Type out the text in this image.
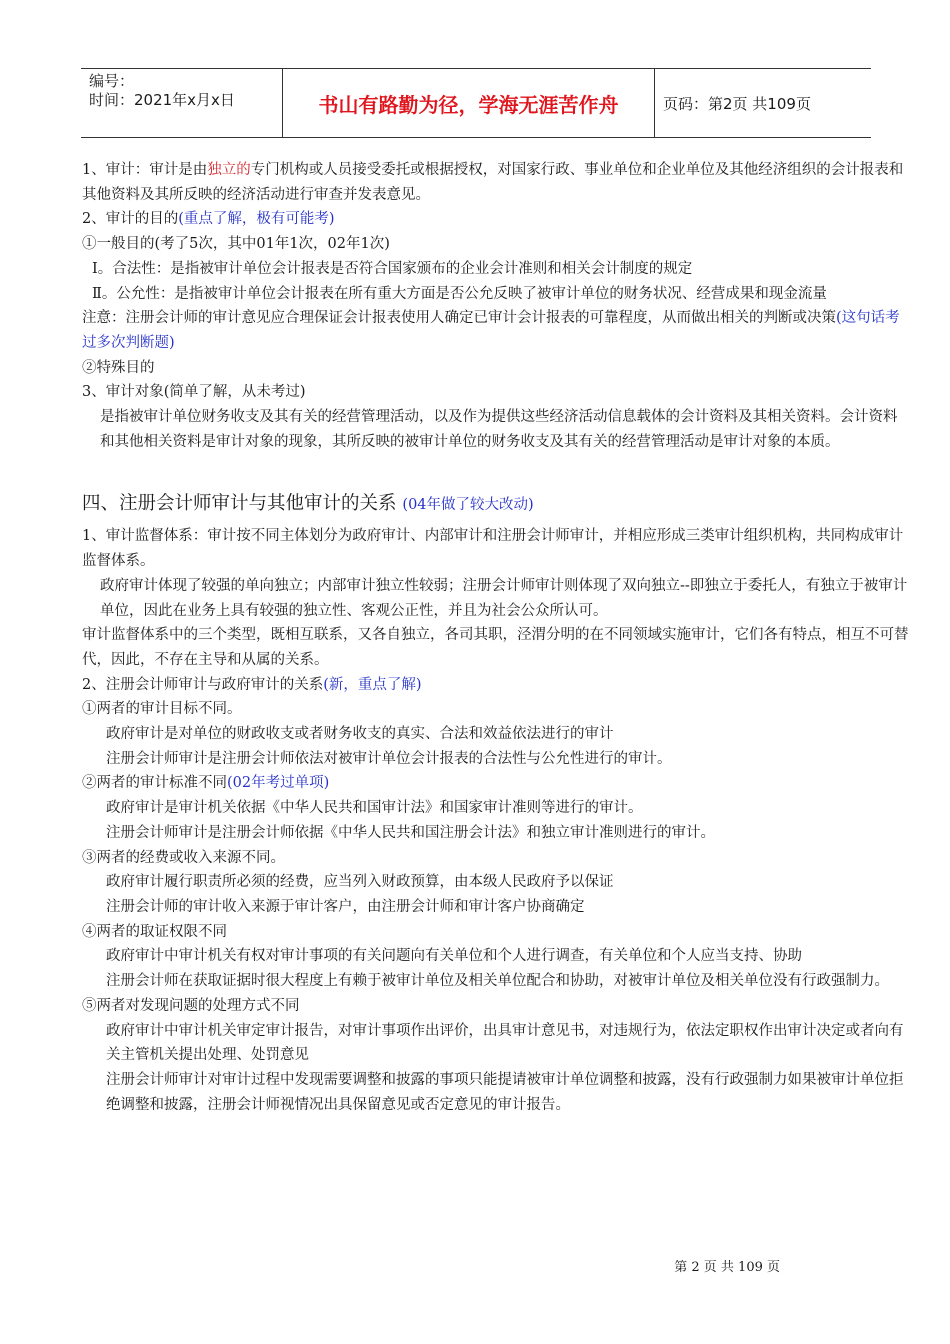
编号：
时间：2021年x月x日	书山有路勤为径，学海无涯苦作舟	页码：第2页 共109页

1、审计：审计是由独立的专门机构或人员接受委托或根据授权，对国家行政、事业单位和企业单位及其他经济组织的会计报表和其他资料及其所反映的经济活动进行审查并发表意见。

2、审计的目的(重点了解，极有可能考)

①一般目的(考了5次，其中01年1次，02年1次)

Ⅰ。合法性：是指被审计单位会计报表是否符合国家颁布的企业会计准则和相关会计制度的规定

Ⅱ。公允性：是指被审计单位会计报表在所有重大方面是否公允反映了被审计单位的财务状况、经营成果和现金流量

注意：注册会计师的审计意见应合理保证会计报表使用人确定已审计会计报表的可靠程度，从而做出相关的判断或决策(这句话考过多次判断题)

②特殊目的

3、审计对象(简单了解，从未考过)

是指被审计单位财务收支及其有关的经营管理活动，以及作为提供这些经济活动信息载体的会计资料及其相关资料。会计资料和其他相关资料是审计对象的现象，其所反映的被审计单位的财务收支及其有关的经营管理活动是审计对象的本质。

四、注册会计师审计与其他审计的关系 (04年做了较大改动)

1、审计监督体系：审计按不同主体划分为政府审计、内部审计和注册会计师审计，并相应形成三类审计组织机构，共同构成审计监督体系。

政府审计体现了较强的单向独立；内部审计独立性较弱；注册会计师审计则体现了双向独立--即独立于委托人，有独立于被审计单位，因此在业务上具有较强的独立性、客观公正性，并且为社会公众所认可。

审计监督体系中的三个类型，既相互联系，又各自独立，各司其职，泾渭分明的在不同领域实施审计，它们各有特点，相互不可替代，因此，不存在主导和从属的关系。

2、注册会计师审计与政府审计的关系(新，重点了解)

①两者的审计目标不同。

政府审计是对单位的财政收支或者财务收支的真实、合法和效益依法进行的审计

注册会计师审计是注册会计师依法对被审计单位会计报表的合法性与公允性进行的审计。

②两者的审计标准不同(02年考过单项)

政府审计是审计机关依据《中华人民共和国审计法》和国家审计准则等进行的审计。

注册会计师审计是注册会计师依据《中华人民共和国注册会计法》和独立审计准则进行的审计。

③两者的经费或收入来源不同。

政府审计履行职责所必须的经费，应当列入财政预算，由本级人民政府予以保证

注册会计师的审计收入来源于审计客户，由注册会计师和审计客户协商确定

④两者的取证权限不同

政府审计中审计机关有权对审计事项的有关问题向有关单位和个人进行调查，有关单位和个人应当支持、协助

注册会计师在获取证据时很大程度上有赖于被审计单位及相关单位配合和协助，对被审计单位及相关单位没有行政强制力。

⑤两者对发现问题的处理方式不同

政府审计中审计机关审定审计报告，对审计事项作出评价，出具审计意见书，对违规行为，依法定职权作出审计决定或者向有关主管机关提出处理、处罚意见

注册会计师审计对审计过程中发现需要调整和披露的事项只能提请被审计单位调整和披露，没有行政强制力如果被审计单位拒绝调整和披露，注册会计师视情况出具保留意见或否定意见的审计报告。

第 2 页 共 109 页
